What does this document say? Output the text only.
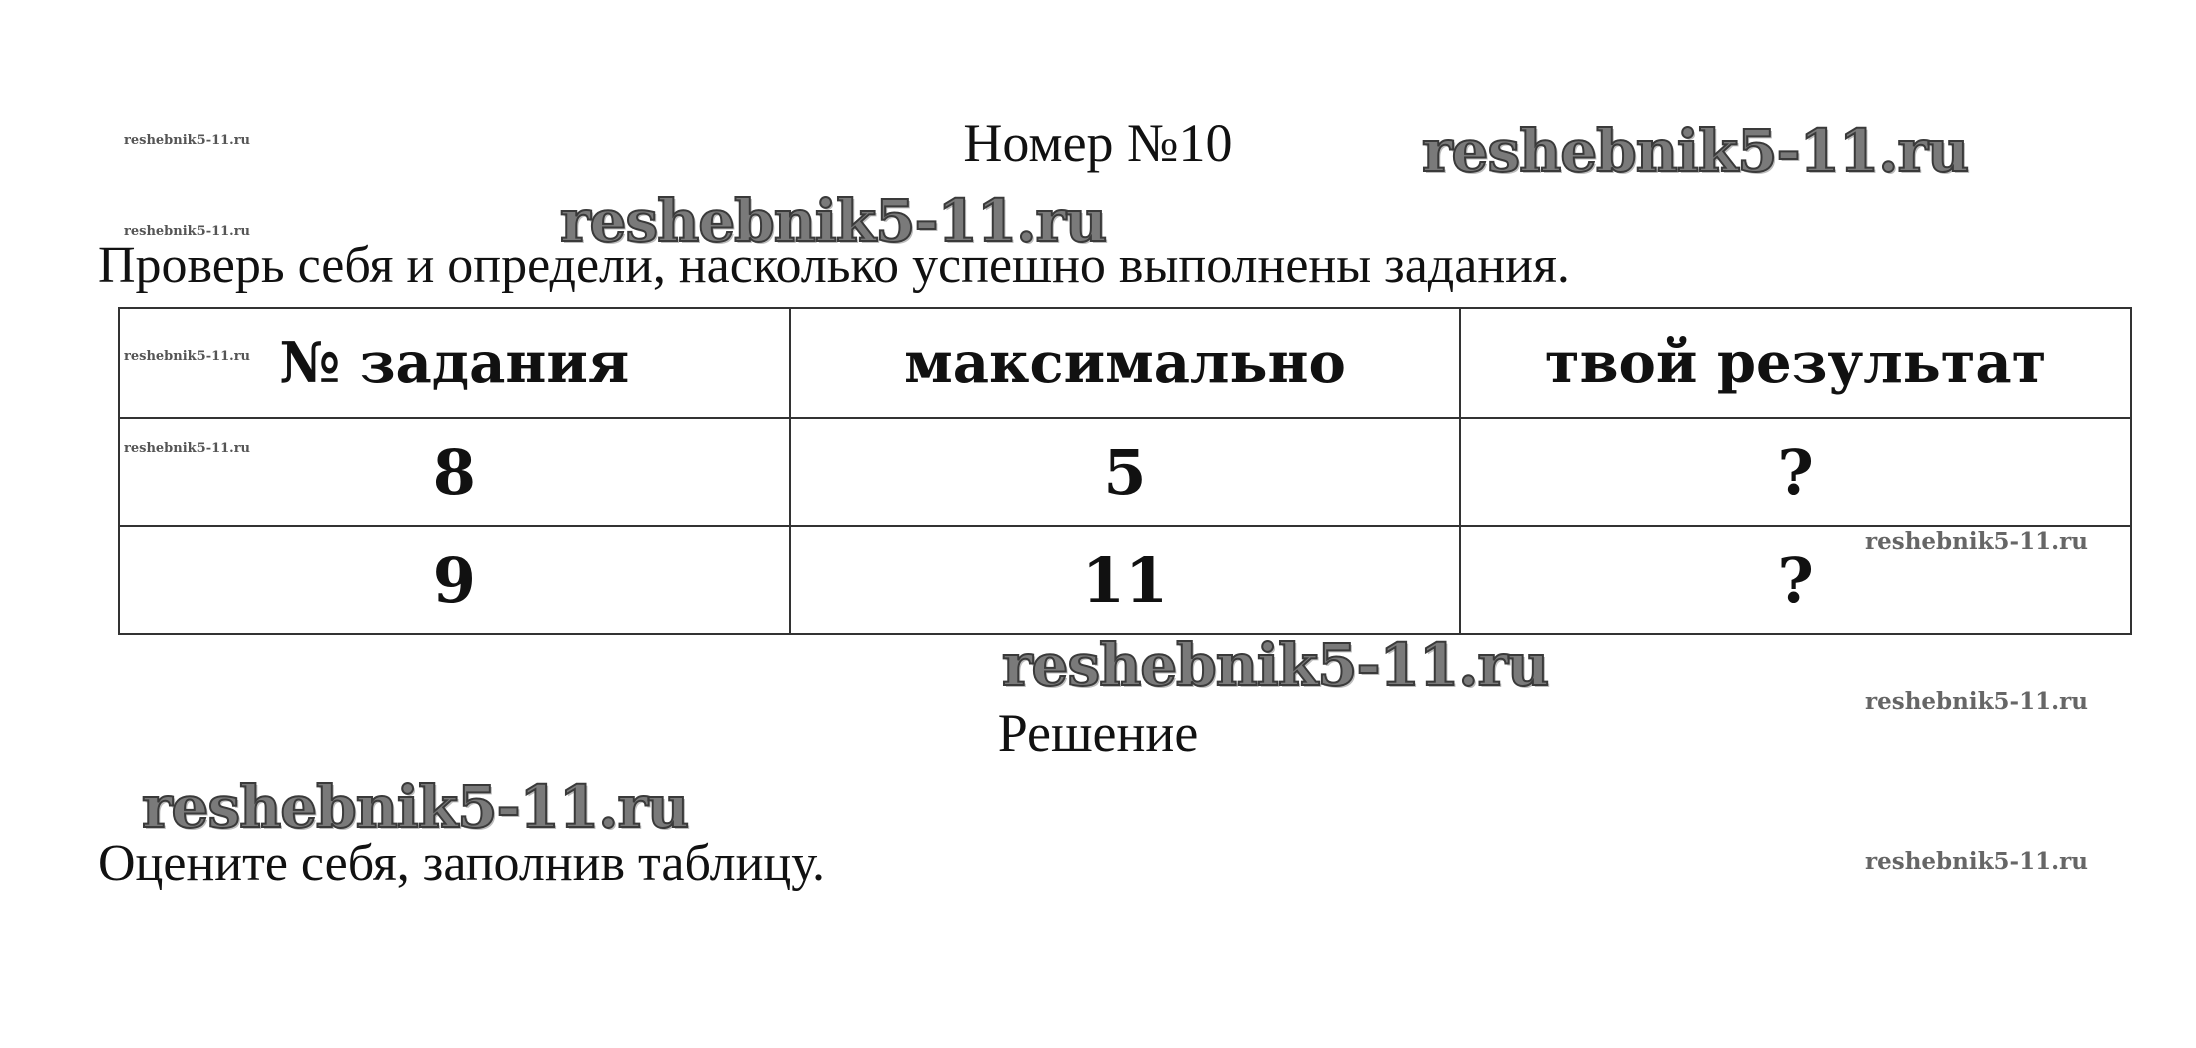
reshebnik5-11.ru
reshebnik5-11.ru
Номер №10	reshebnik5-11.ru
reshebnik5-11.ru
Проверь себя и определи, насколько успешно выполнены задания.
№ задания	максимально	твой результат
8	5	?
9	11	?
reshebnik5-11.ru
reshebnik5-11.ru
reshebnik5-11.ru
reshebnik5-11.ru
reshebnik5-11.ru
Решение
reshebnik5-11.ru
reshebnik5-11.ru
Оцените себя, заполнив таблицу.
